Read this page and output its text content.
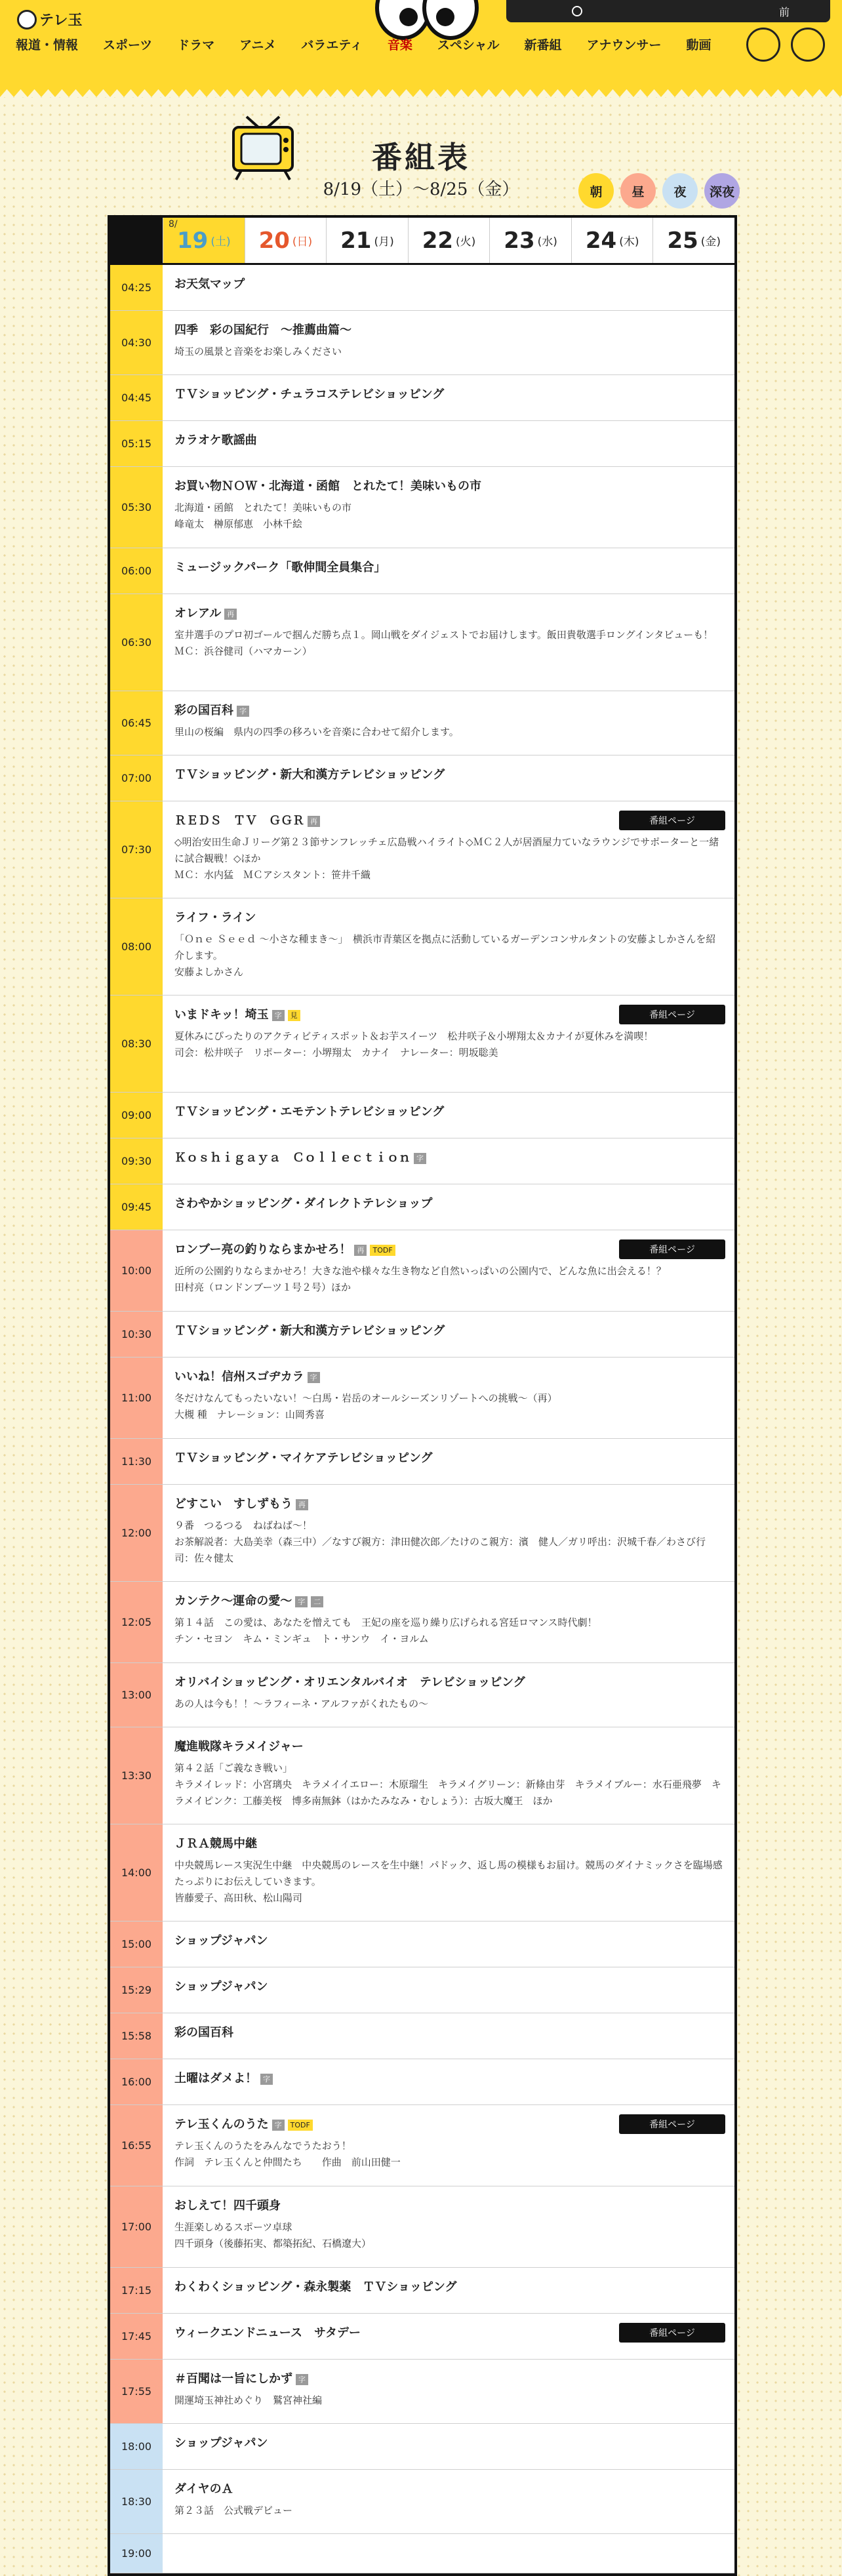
テレ玉
前
報道・情報 スポーツ ドラマ アニメ バラエティ 音楽 スペシャル 新番組 アナウンサー 動画
番組表
8/19（土）〜8/25（金）	朝	昼	夜	深夜
8/
19 (土) 20 (日) 21 (月) 22 (火) 23 (水) 24 (木) 25 (金)
04:25	お天気マップ
04:30
四季　彩の国紀行　〜推薦曲篇〜
埼玉の風景と音楽をお楽しみください
04:45	ＴＶショッピング・チュラコステレビショッピング
05:15	カラオケ歌謡曲
05:30
お買い物ＮＯＷ・北海道・函館　とれたて！美味いもの市
北海道・函館　とれたて！美味いもの市
峰竜太　榊原郁恵　小林千絵
06:00	ミュージックパーク「歌伸間全員集合」
06:30
オレアル 再
室井選手のプロ初ゴールで掴んだ勝ち点１。岡山戦をダイジェストでお届けします。飯田貴敬選手ロングインタビューも！
ＭＣ：浜谷健司（ハマカーン）
06:45
彩の国百科 字
里山の桜編　県内の四季の移ろいを音楽に合わせて紹介します。
07:00	ＴＶショッピング・新大和漢方テレビショッピング
07:30
ＲＥＤＳ　ＴＶ　ＧＧＲ 再
◇明治安田生命Ｊリーグ第２３節サンフレッチェ広島戦ハイライト◇ＭＣ２人が居酒屋力ていなラウンジでサポーターと一緒に試合観戦！◇ほか
ＭＣ：水内猛　ＭＣアシスタント：笹井千織
番組ページ
08:00
ライフ・ライン
「Ｏｎｅ Ｓｅｅｄ 〜小さな種まき〜」　横浜市青葉区を拠点に活動しているガーデンコンサルタントの安藤よしかさんを紹介します。
安藤よしかさん
08:30
いまドキッ！埼玉 字 見
夏休みにぴったりのアクティビティスポット＆お芋スイーツ　松井咲子＆小堺翔太＆カナイが夏休みを満喫！
司会：松井咲子　リポーター：小堺翔太　カナイ　ナレーター：明坂聡美
番組ページ
09:00	ＴＶショッピング・エモテントテレビショッピング
09:30	Ｋｏｓｈｉｇａｙａ　Ｃｏｌｌｅｃｔｉｏｎ 字
09:45	さわやかショッピング・ダイレクトテレショップ
10:00
ロンブー亮の釣りならまかせろ！ 再 TODF
近所の公園釣りならまかせろ！大きな池や様々な生き物など自然いっぱいの公園内で、どんな魚に出会える！？
田村亮（ロンドンブーツ１号２号）ほか
番組ページ
10:30	ＴＶショッピング・新大和漢方テレビショッピング
11:00
いいね！信州スゴヂカラ 字
冬だけなんてもったいない！〜白馬・岩岳のオールシーズンリゾートへの挑戦〜（再）
大槻 種　ナレーション：山岡秀喜
11:30	ＴＶショッピング・マイケアテレビショッピング
12:00
どすこい　すしずもう 再
９番　つるつる　ねばねば〜！
お茶解説者：大島美幸（森三中）／なすび親方：津田健次郎／たけのこ親方：濱　健人／ガリ呼出：沢城千春／わさび行司：佐々健太
12:05
カンテク〜運命の愛〜 字 二
第１４話　この愛は、あなたを憎えても　王妃の座を巡り繰り広げられる宮廷ロマンス時代劇！
チン・セヨン　キム・ミンギュ　ト・サンウ　イ・ヨルム
13:00
オリバイショッピング・オリエンタルバイオ　テレビショッピング
あの人は今も！！〜ラフィーネ・アルファがくれたもの〜
13:30
魔進戦隊キラメイジャー
第４２話「ご義なき戦い」
キラメイレッド：小宮璃央　キラメイイエロー：木原瑠生　キラメイグリーン：新條由芽　キラメイブルー：水石亜飛夢　キラメイピンク：工藤美桜　博多南無鉢（はかたみなみ・むしょう）：古坂大魔王　ほか
14:00
ＪＲＡ競馬中継
中央競馬レース実況生中継　中央競馬のレースを生中継！パドック、返し馬の模様もお届け。競馬のダイナミックさを臨場感たっぷりにお伝えしていきます。
皆藤愛子、高田秋、松山陽司
15:00	ショップジャパン
15:29	ショップジャパン
15:58	彩の国百科
16:00	土曜はダメよ！ 字
16:55
テレ玉くんのうた 字 TODF
テレ玉くんのうたをみんなでうたおう！
作詞　テレ玉くんと仲間たち　　作曲　前山田健一
番組ページ
17:00
おしえて！四千頭身
生涯楽しめるスポーツ卓球
四千頭身（後藤拓実、都築拓紀、石橋遼大）
17:15	わくわくショッピング・森永製薬　ＴＶショッピング
17:45	ウィークエンドニュース　サタデー	番組ページ
17:55
＃百聞は一旨にしかず 字
開運埼玉神社めぐり　鷲宮神社編
18:00	ショップジャパン
18:30
ダイヤのＡ
第２３話　公式戦デビュー
19:00
